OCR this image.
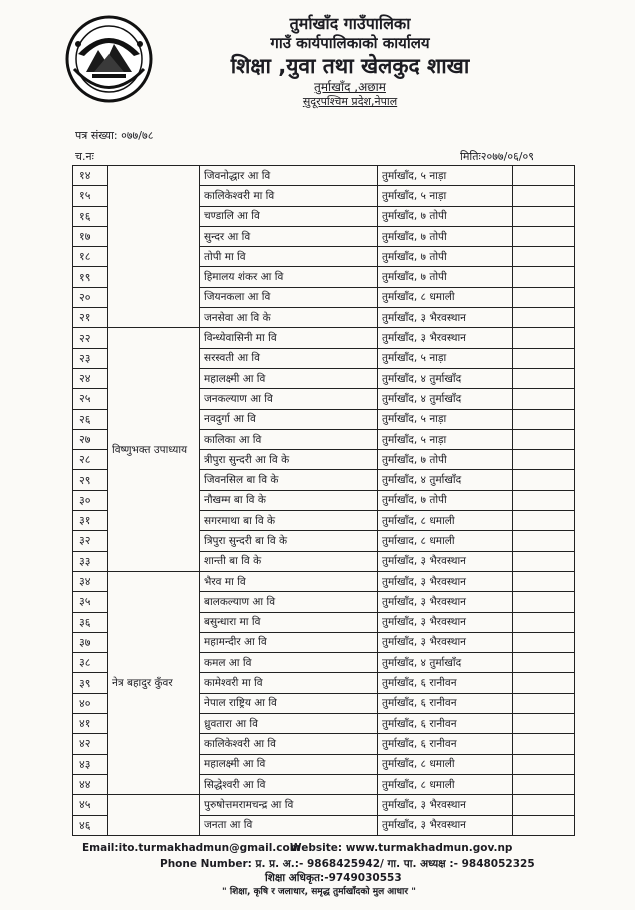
तुर्माखाँद गाउँपालिका
गाउँ कार्यपालिकाको कार्यालय
शिक्षा ,युवा तथा खेलकुद शाखा
तुर्माखाँद ,अछाम
सुदूरपश्चिम प्रदेश,नेपाल
पत्र संख्या: ०७७/७८
च.नः	मितिः२०७७/०६/०९
१४		जिवनोद्धार आ वि	तुर्माखाँद, ५ नाड़ा	
१५		कालिकेश्वरी मा वि	तुर्माखाँद, ५ नाड़ा	
१६		चण्डालि आ वि	तुर्माखाँद, ७ तोपी	
१७		सुन्दर आ वि	तुर्माखाँद, ७ तोपी	
१८		तोपी मा वि	तुर्माखाँद, ७ तोपी	
१९		हिमालय शंकर आ वि	तुर्माखाँद, ७ तोपी	
२०		जियनकला आ वि	तुर्माखाँद, ८ धमाली	
२१		जनसेवा आ वि के	तुर्माखाँद, ३ भैरवस्थान	
२२	विष्णुभक्त उपाध्याय	विन्ध्येवासिनी मा वि	तुर्माखाँद, ३ भैरवस्थान	
२३		सरस्वती आ वि	तुर्माखाँद, ५ नाड़ा	
२४		महालक्ष्मी आ वि	तुर्माखाँद, ४ तुर्माखाँद	
२५		जनकल्याण आ वि	तुर्माखाँद, ४ तुर्माखाँद	
२६		नवदुर्गा आ वि	तुर्माखाँद, ५ नाड़ा	
२७		कालिका आ वि	तुर्माखाँद, ५ नाड़ा	
२८		त्रीपुरा सुन्दरी आ वि के	तुर्माखाँद, ७ तोपी	
२९		जिवनसिल बा वि के	तुर्माखाँद, ४ तुर्माखाँद	
३०		नौखम्म बा वि के	तुर्माखाँद, ७ तोपी	
३१		सगरमाथा बा वि के	तुर्माखाँद, ८ धमाली	
३२		त्रिपुरा सुन्दरी बा वि के	तुर्माखाद, ८ धमाली	
३३		शान्ती बा वि के	तुर्माखाँद, ३ भैरवस्थान	
३४	नेत्र बहादुर कुँवर	भैरव मा वि	तुर्माखाँद, ३ भैरवस्थान	
३५		बालकल्याण आ वि	तुर्माखाँद, ३ भैरवस्थान	
३६		बसुन्धारा मा वि	तुर्माखाँद, ३ भैरवस्थान	
३७		महामन्दीर आ वि	तुर्माखाँद, ३ भैरवस्थान	
३८		कमल आ वि	तुर्माखाँद, ४ तुर्माखाँद	
३९		कामेश्वरी मा वि	तुर्माखाँद, ६ रानीवन	
४०		नेपाल राष्ट्रिय आ वि	तुर्माखाँद, ६ रानीवन	
४१		ध्रुवतारा आ वि	तुर्माखाँद, ६ रानीवन	
४२		कालिकेश्वरी आ वि	तुर्माखाँद, ६ रानीवन	
४३		महालक्ष्मी आ वि	तुर्माखाँद, ८ धमाली	
४४		सिद्धेश्वरी आ वि	तुर्माखाँद, ८ धमाली	
४५		पुरुषोत्तमरामचन्द्र आ वि	तुर्माखाँद, ३ भैरवस्थान	
४६		जनता आ वि	तुर्माखाँद, ३ भैरवस्थान	
Email:ito.turmakhadmun@gmail.com
Website: www.turmakhadmun.gov.np
Phone Number: प्र. प्र. अ.:- 9868425942/ गा. पा. अध्यक्ष :- 9848052325
शिक्षा अधिकृत:-9749030553
" शिक्षा, कृषि र जलाधार, समृद्ध तुर्माखाँदको मुल आधार "
